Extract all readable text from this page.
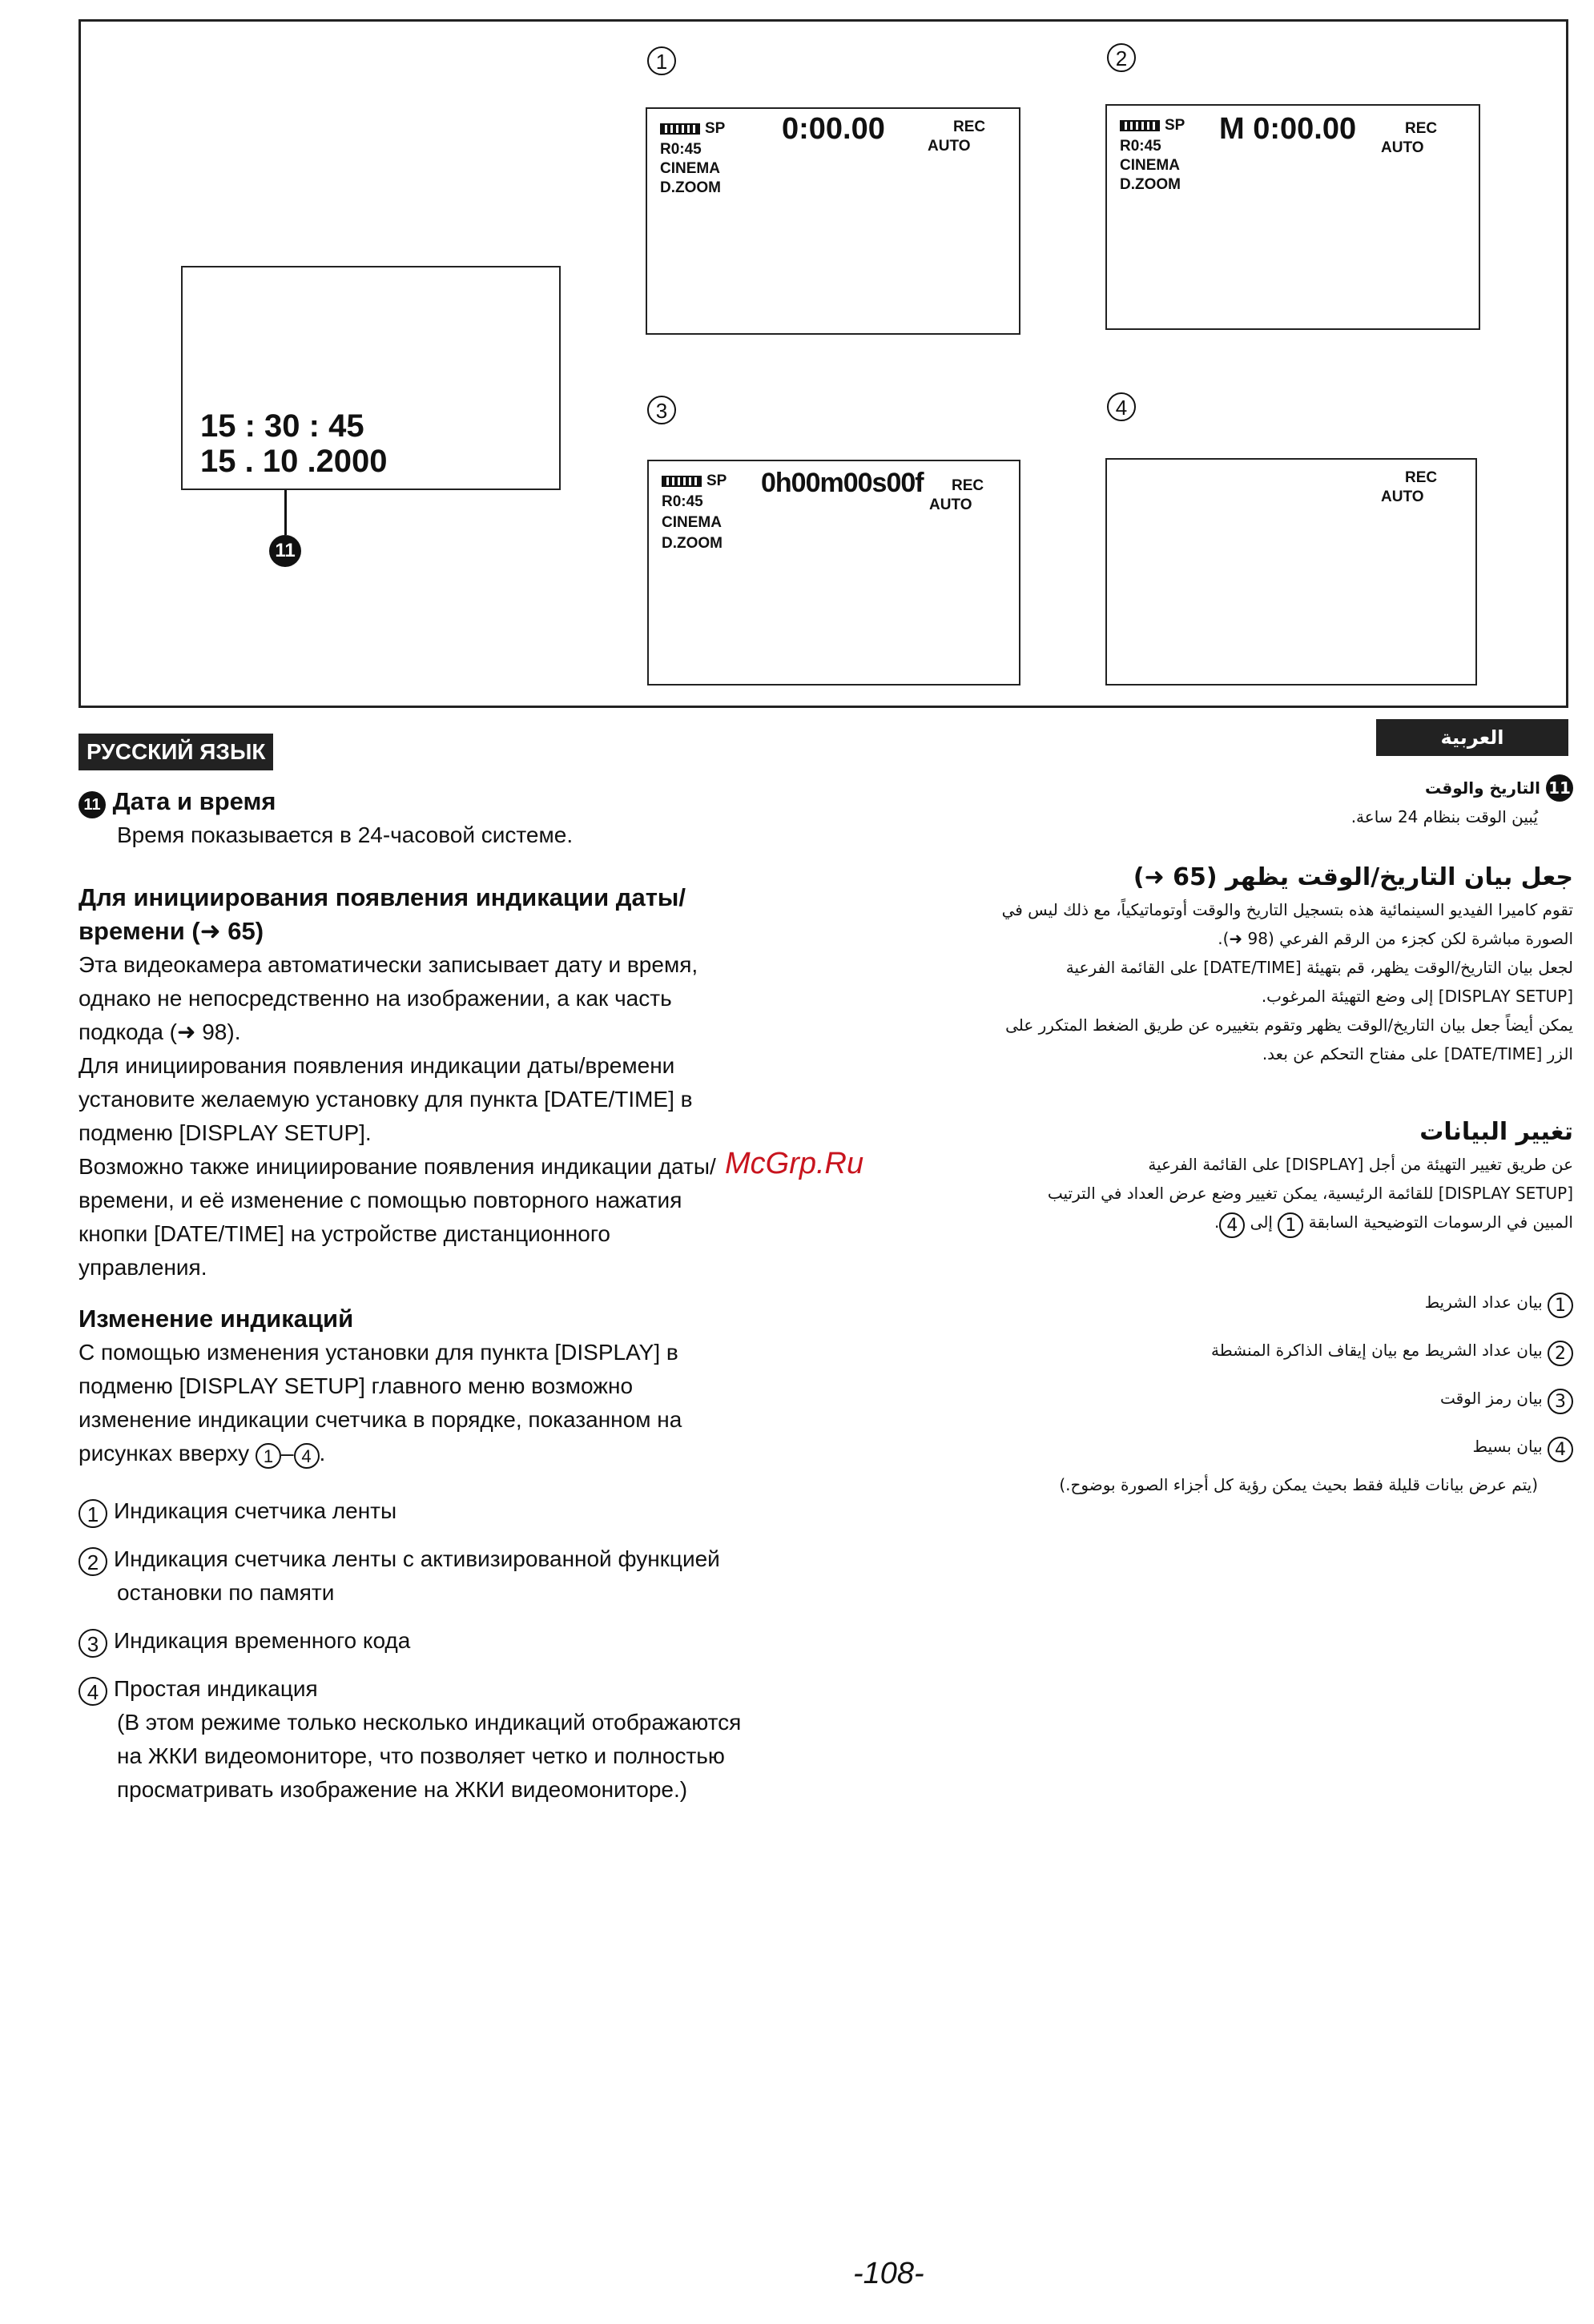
15 : 30 : 45
15 . 10 .2000
11
1
SP
R0:45
CINEMA
D.ZOOM
0:00.00	REC
AUTO
2
SP
R0:45
CINEMA
D.ZOOM
M 0:00.00	REC
AUTO
3
SP
R0:45
CINEMA
D.ZOOM
0h00m00s00f REC
AUTO
4
REC
AUTO
РУССКИЙ ЯЗЫК
11 Дата и время

Время показывается в 24-часовой системе.

Для инициирования появления индикации даты/
времени (➜ 65)

Эта видеокамера автоматически записывает дату и время,

однако не непосредственно на изображении, а как часть

подкода (➜ 98).

Для инициирования появления индикации даты/времени

установите желаемую установку для пункта [DATE/TIME] в

подменю [DISPLAY SETUP].

Возможно также инициирование появления индикации даты/

времени, и её изменение с помощью повторного нажатия

кнопки [DATE/TIME] на устройстве дистанционного

управления.

Изменение индикаций

С помощью изменения установки для пункта [DISPLAY] в

подменю [DISPLAY SETUP] главного меню возможно

изменение индикации счетчика в порядке, показанном на

рисунках вверху 1 – 4 .

1 Индикация счетчика ленты
2 Индикация счетчика ленты с активизированной функцией
остановки по памяти
3 Индикация временного кода
4 Простая индикация
(В этом режиме только несколько индикаций отображаются
на ЖКИ видеомониторе, что позволяет четко и полностью
просматривать изображение на ЖКИ видеомониторе.)
العربية

11 التاريخ والوقت

يُبين الوقت بنظام 24 ساعة.

جعل بيان التاريخ/الوقت يظهر (65 ➜)

تقوم كاميرا الفيديو السينمائية هذه بتسجيل التاريخ والوقت أوتوماتيكياً، مع ذلك ليس في

الصورة مباشرة لكن كجزء من الرقم الفرعي (98 ➜).

لجعل بيان التاريخ/الوقت يظهر، قم بتهيئة [DATE/TIME] على القائمة الفرعية

[DISPLAY SETUP] إلى وضع التهيئة المرغوب.

يمكن أيضاً جعل بيان التاريخ/الوقت يظهر وتقوم بتغييره عن طريق الضغط المتكرر على

الزر [DATE/TIME] على مفتاح التحكم عن بعد.

تغيير البيانات

عن طريق تغيير التهيئة من أجل [DISPLAY] على القائمة الفرعية

[DISPLAY SETUP] للقائمة الرئيسية، يمكن تغيير وضع عرض العداد في الترتيب

المبين في الرسومات التوضيحية السابقة 1 إلى 4.

1 بيان عداد الشريط

2 بيان عداد الشريط مع بيان إيقاف الذاكرة المنشطة

3 بيان رمز الوقت

4 بيان بسيط

(يتم عرض بيانات قليلة فقط بحيث يمكن رؤية كل أجزاء الصورة بوضوح.)

McGrp.Ru
-108-
